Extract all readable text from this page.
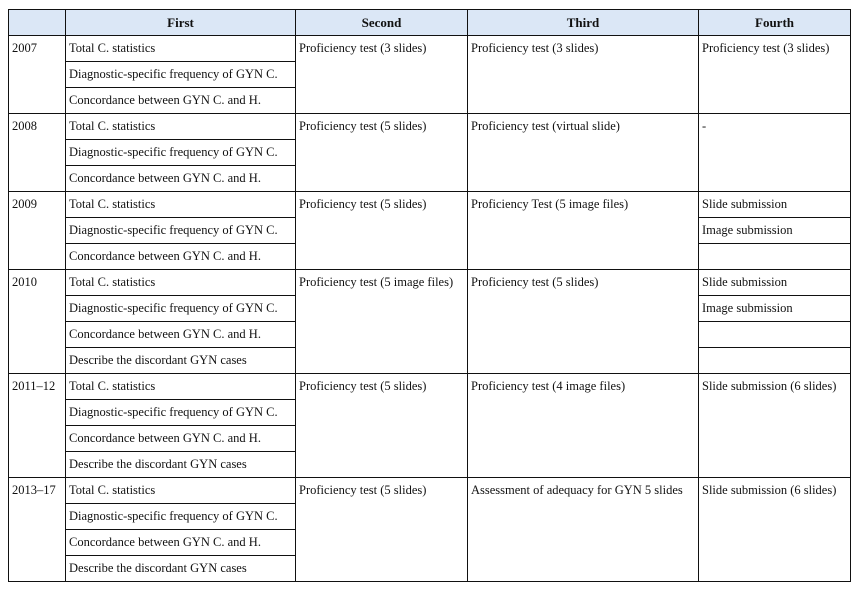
	First	Second	Third	Fourth
2007	Total C. statistics	Proficiency test (3 slides)	Proficiency test (3 slides)	Proficiency test (3 slides)
	Diagnostic-specific frequency of GYN C.			
	Concordance between GYN C. and H.			
2008	Total C. statistics	Proficiency test (5 slides)	Proficiency test (virtual slide)	-
	Diagnostic-specific frequency of GYN C.			
	Concordance between GYN C. and H.			
2009	Total C. statistics	Proficiency test (5 slides)	Proficiency Test (5 image files)	Slide submission
	Diagnostic-specific frequency of GYN C.			Image submission
	Concordance between GYN C. and H.			
2010	Total C. statistics	Proficiency test (5 image files)	Proficiency test (5 slides)	Slide submission
	Diagnostic-specific frequency of GYN C.			Image submission
	Concordance between GYN C. and H.			
	Describe the discordant GYN cases			
2011–12	Total C. statistics	Proficiency test (5 slides)	Proficiency test (4 image files)	Slide submission (6 slides)
	Diagnostic-specific frequency of GYN C.			
	Concordance between GYN C. and H.			
	Describe the discordant GYN cases			
2013–17	Total C. statistics	Proficiency test (5 slides)	Assessment of adequacy for GYN 5 slides	Slide submission (6 slides)
	Diagnostic-specific frequency of GYN C.			
	Concordance between GYN C. and H.			
	Describe the discordant GYN cases			
